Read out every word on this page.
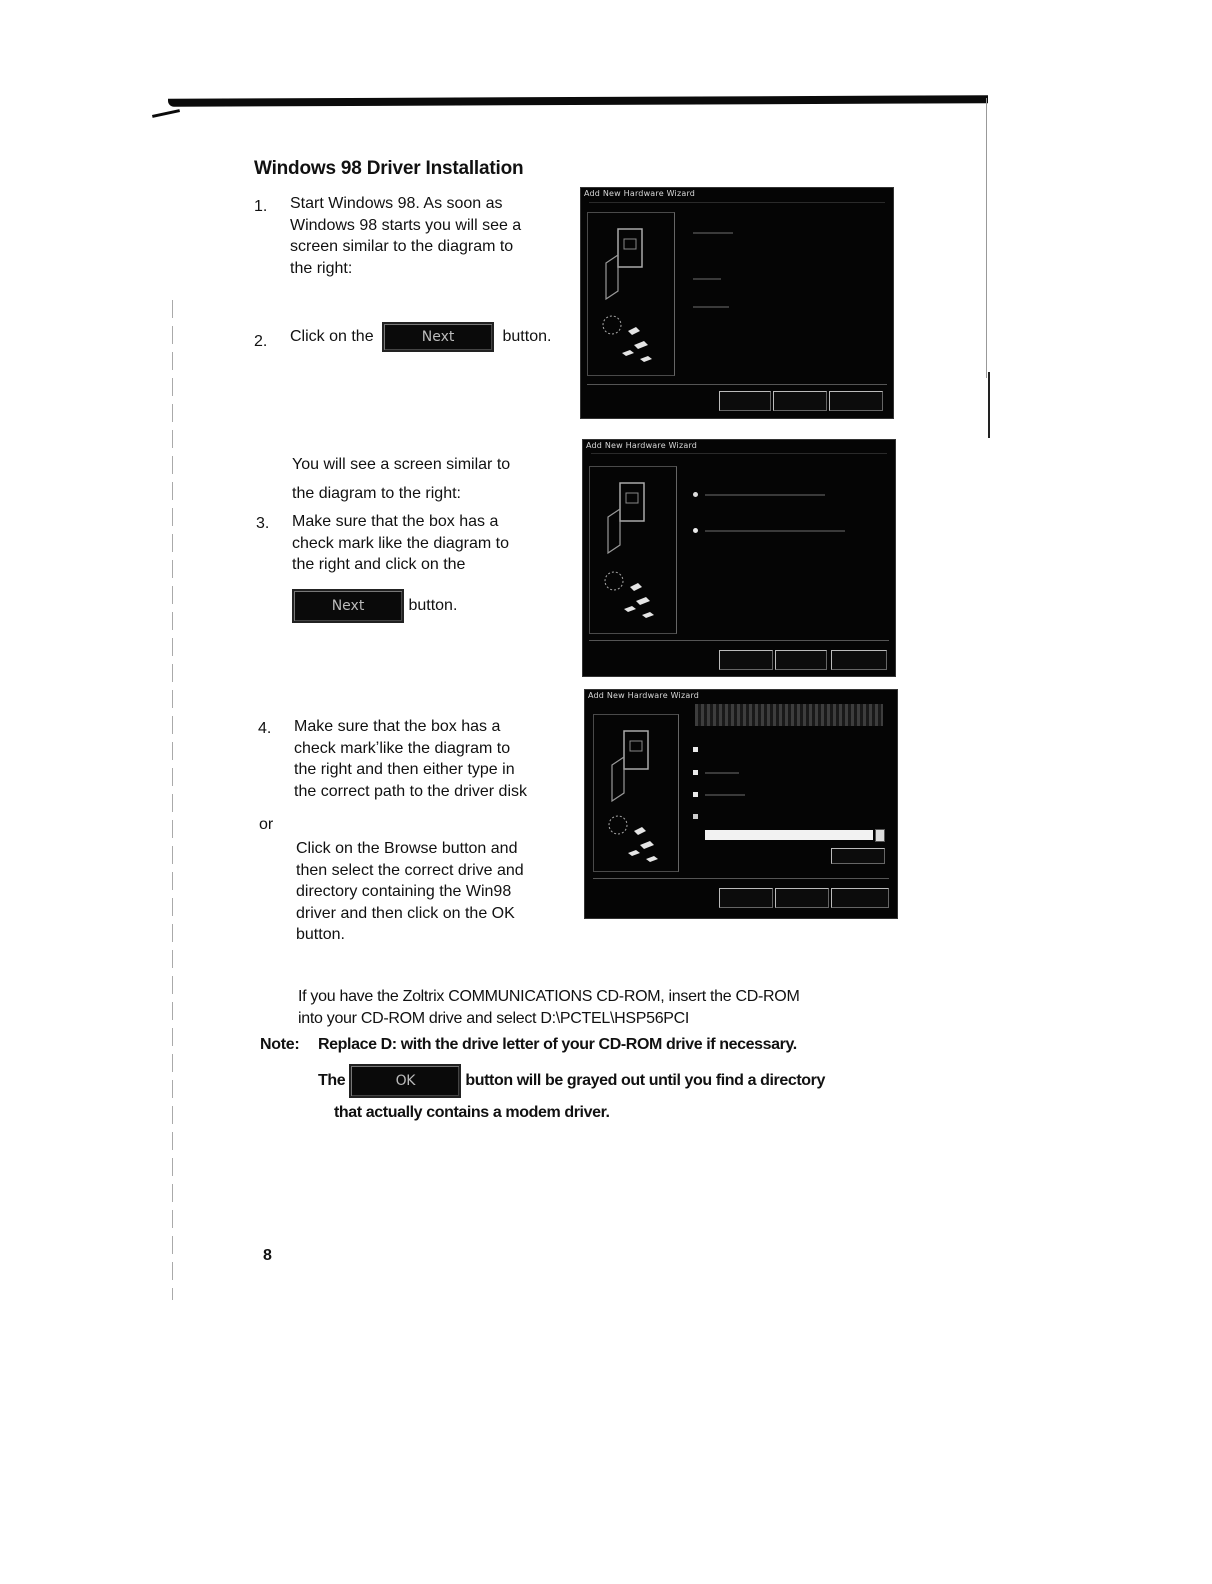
Windows 98 Driver Installation
1. Start Windows 98. As soon as
Windows 98 starts you will see a
screen similar to the diagram to
the right:
2. Click on the	Next	button.
You will see a screen similar to
the diagram to the right:
3. Make sure that the box has a
check mark like the diagram to
the right and click on the
Next	button.
4. Make sure that the box has a
check markʼlike the diagram to
the right and then either type in
the correct path to the driver disk
or
Click on the Browse button and
then select the correct drive and
directory containing the Win98
driver and then click on the OK
button.
If you have the Zoltrix COMMUNICATIONS CD-ROM, insert the CD-ROM
into your CD-ROM drive and select D:\PCTEL\HSP56PCI
Note: Replace D: with the drive letter of your CD-ROM drive if necessary.
The	OK	button will be grayed out until you find a directory
that actually contains a modem driver.
8
Add New Hardware Wizard
Add New Hardware Wizard
Add New Hardware Wizard
